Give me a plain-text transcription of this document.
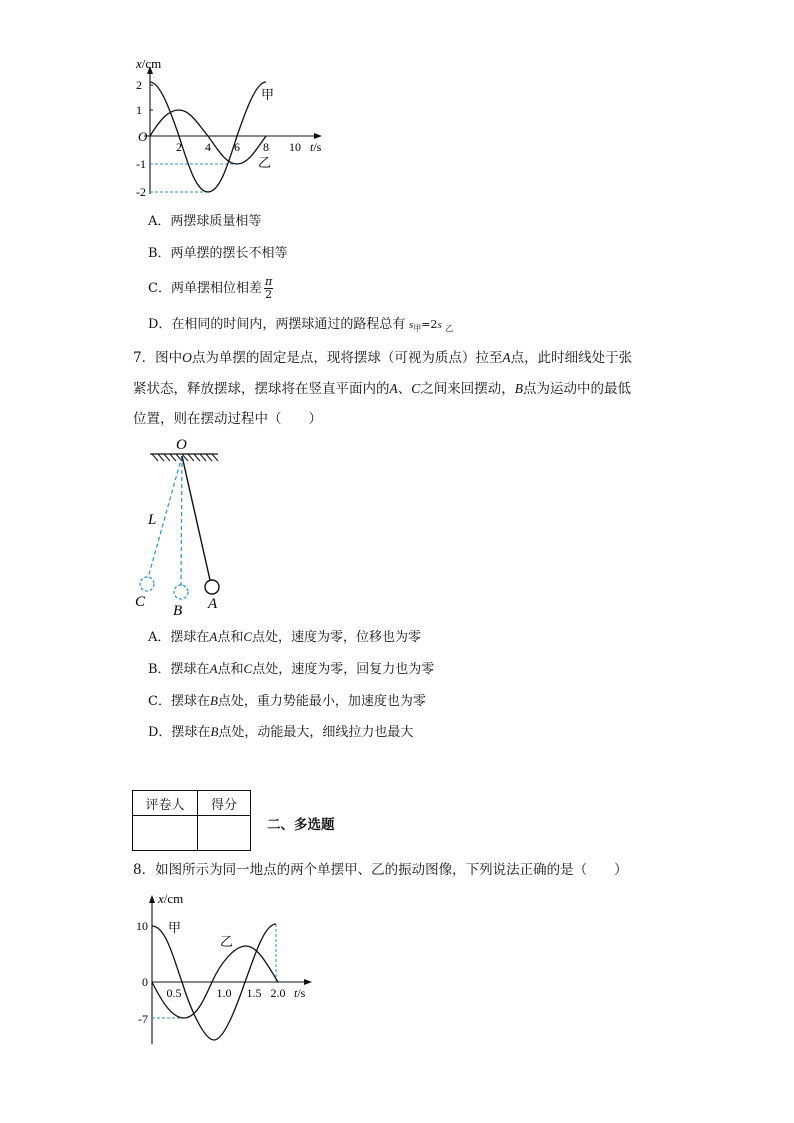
x/cm
2
1
-1
-2
O
2 4 6 8 10 t/s
甲
乙
A．两摆球质量相等
B．两单摆的摆长不相等
C．两单摆相位相差 $\frac{\pi}{2}$
D．在相同的时间内，两摆球通过的路程总有 $s_甲=2s$ $_乙$
7．图中O点为单摆的固定是点，现将摆球（可视为质点）拉至A点，此时细线处于张
紧状态，释放摆球，摆球将在竖直平面内的A、C之间来回摆动，B点为运动中的最低
位置，则在摆动过程中（　　）
O
L
C
B A
A．摆球在A点和C点处，速度为零，位移也为零
B．摆球在A点和C点处，速度为零，回复力也为零
C．摆球在B点处，重力势能最小，加速度也为零
D．摆球在B点处，动能最大，细线拉力也最大
评卷人	得分

二、多选题
8．如图所示为同一地点的两个单摆甲、乙的振动图像，下列说法正确的是（　　）
x/cm
10
0
-7
0.5	1.0 1.5 2.0 t/s
甲
乙
